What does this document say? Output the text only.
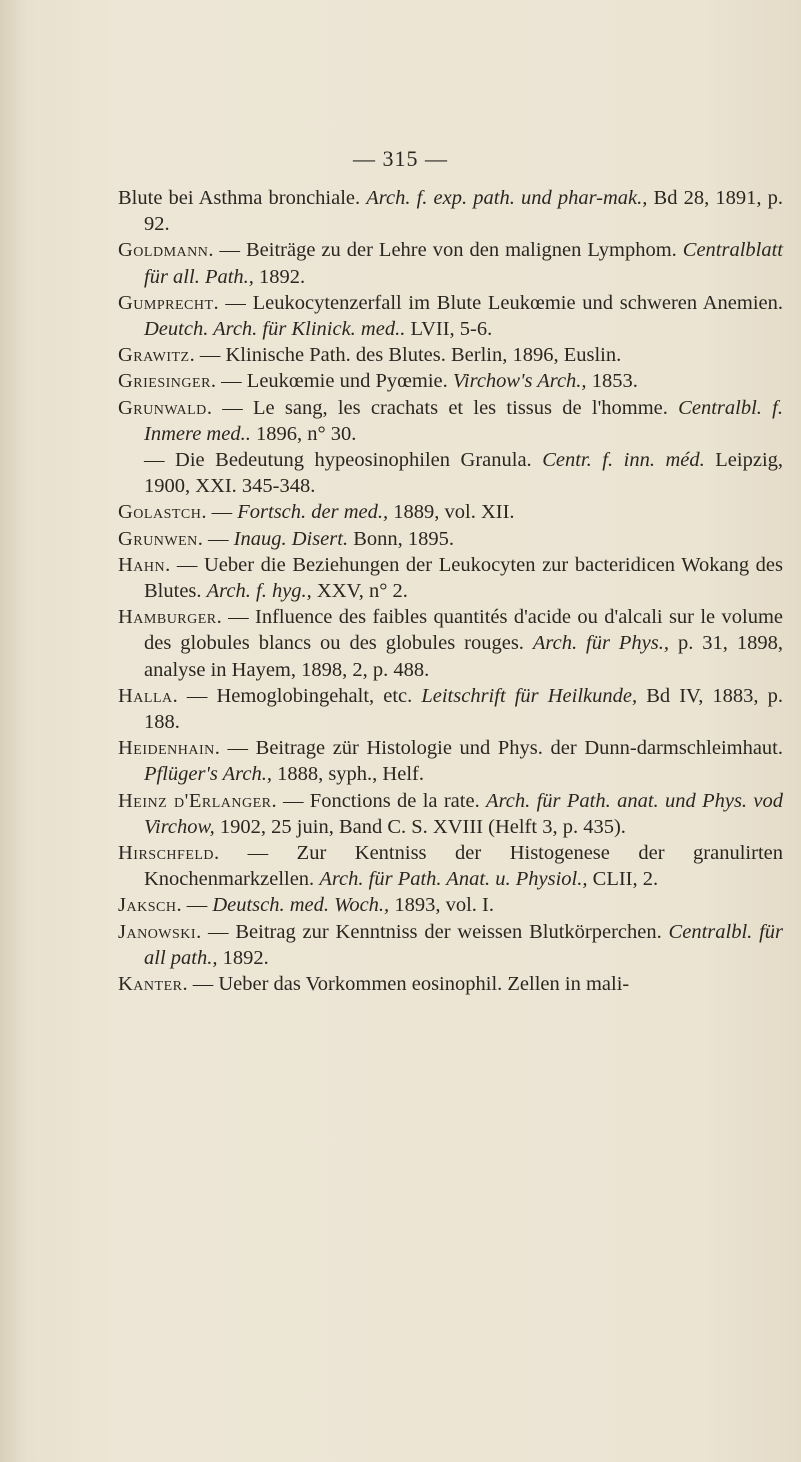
— 315 —
Blute bei Asthma bronchiale. Arch. f. exp. path. und phar-mak., Bd 28, 1891, p. 92.
Goldmann. — Beiträge zu der Lehre von den malignen Lymphom. Centralblatt für all. Path., 1892.
Gumprecht. — Leukocytenzerfall im Blute Leukœmie und schweren Anemien. Deutch. Arch. für Klinick. med.. LVII, 5-6.
Grawitz. — Klinische Path. des Blutes. Berlin, 1896, Euslin.
Griesinger. — Leukœmie und Pyœmie. Virchow's Arch., 1853.
Grunwald. — Le sang, les crachats et les tissus de l'homme. Centralbl. f. Inmere med.. 1896, n° 30.
— Die Bedeutung hypeosinophilen Granula. Centr. f. inn. méd. Leipzig, 1900, XXI. 345-348.
Golastch. — Fortsch. der med., 1889, vol. XII.
Grunwen. — Inaug. Disert. Bonn, 1895.
Hahn. — Ueber die Beziehungen der Leukocyten zur bacteridicen Wokang des Blutes. Arch. f. hyg., XXV, n° 2.
Hamburger. — Influence des faibles quantités d'acide ou d'alcali sur le volume des globules blancs ou des globules rouges. Arch. für Phys., p. 31, 1898, analyse in Hayem, 1898, 2, p. 488.
Halla. — Hemoglobingehalt, etc. Leitschrift für Heilkunde, Bd IV, 1883, p. 188.
Heidenhain. — Beitrage zür Histologie und Phys. der Dunn-darmschleimhaut. Pflüger's Arch., 1888, syph., Helf.
Heinz d'Erlanger. — Fonctions de la rate. Arch. für Path. anat. und Phys. vod Virchow, 1902, 25 juin, Band C. S. XVIII (Helft 3, p. 435).
Hirschfeld. — Zur Kentniss der Histogenese der granulirten Knochenmarkzellen. Arch. für Path. Anat. u. Physiol., CLII, 2.
Jaksch. — Deutsch. med. Woch., 1893, vol. I.
Janowski. — Beitrag zur Kenntniss der weissen Blutkörperchen. Centralbl. für all path., 1892.
Kanter. — Ueber das Vorkommen eosinophil. Zellen in mali-
